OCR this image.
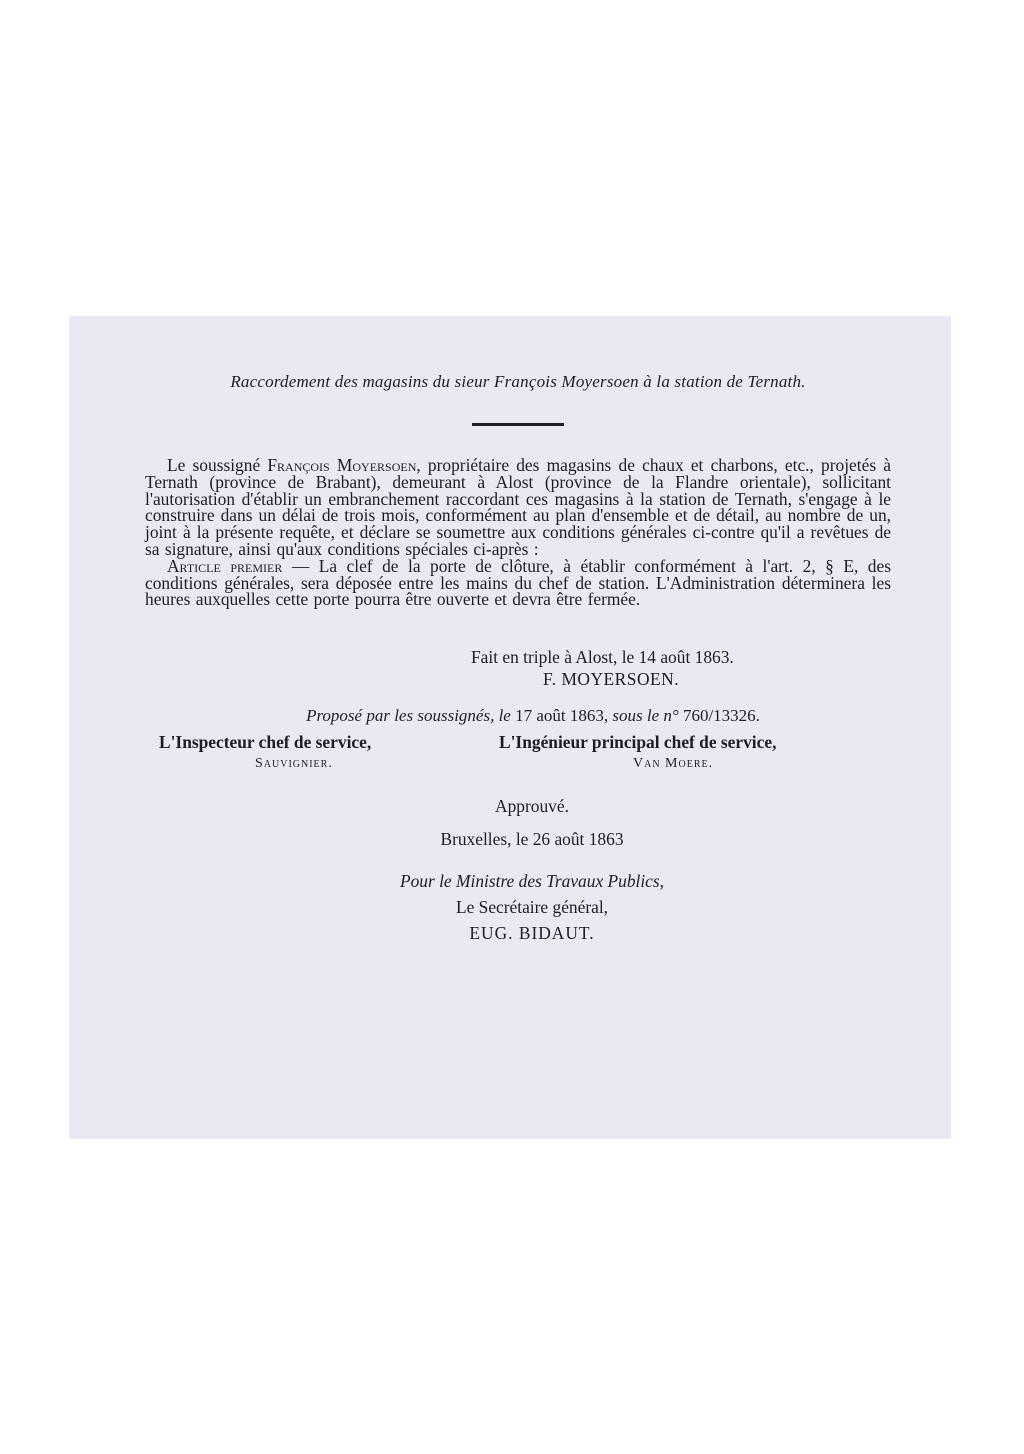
Raccordement des magasins du sieur François Moyersoen à la station de Ternath.

Le soussigné François Moyersoen, propriétaire des magasins de chaux et charbons, etc., projetés à Ternath (province de Brabant), demeurant à Alost (province de la Flandre orientale), sollicitant l'autorisation d'établir un embranchement raccordant ces magasins à la station de Ternath, s'engage à le construire dans un délai de trois mois, conformément au plan d'ensemble et de détail, au nombre de un, joint à la présente requête, et déclare se soumettre aux conditions générales ci-contre qu'il a revêtues de sa signature, ainsi qu'aux conditions spéciales ci-après :

Article premier — La clef de la porte de clôture, à établir conformément à l'art. 2, § E, des conditions générales, sera déposée entre les mains du chef de station. L'Administration déterminera les heures auxquelles cette porte pourra être ouverte et devra être fermée.

Fait en triple à Alost, le 14 août 1863.
F. MOYERSOEN.
Proposé par les soussignés, le 17 août 1863, sous le n° 760/13326.
L'Inspecteur chef de service,	L'Ingénieur principal chef de service,
Sauvignier.	Van Moere.
Approuvé.
Bruxelles, le 26 août 1863
Pour le Ministre des Travaux Publics,
Le Secrétaire général,
EUG. BIDAUT.
